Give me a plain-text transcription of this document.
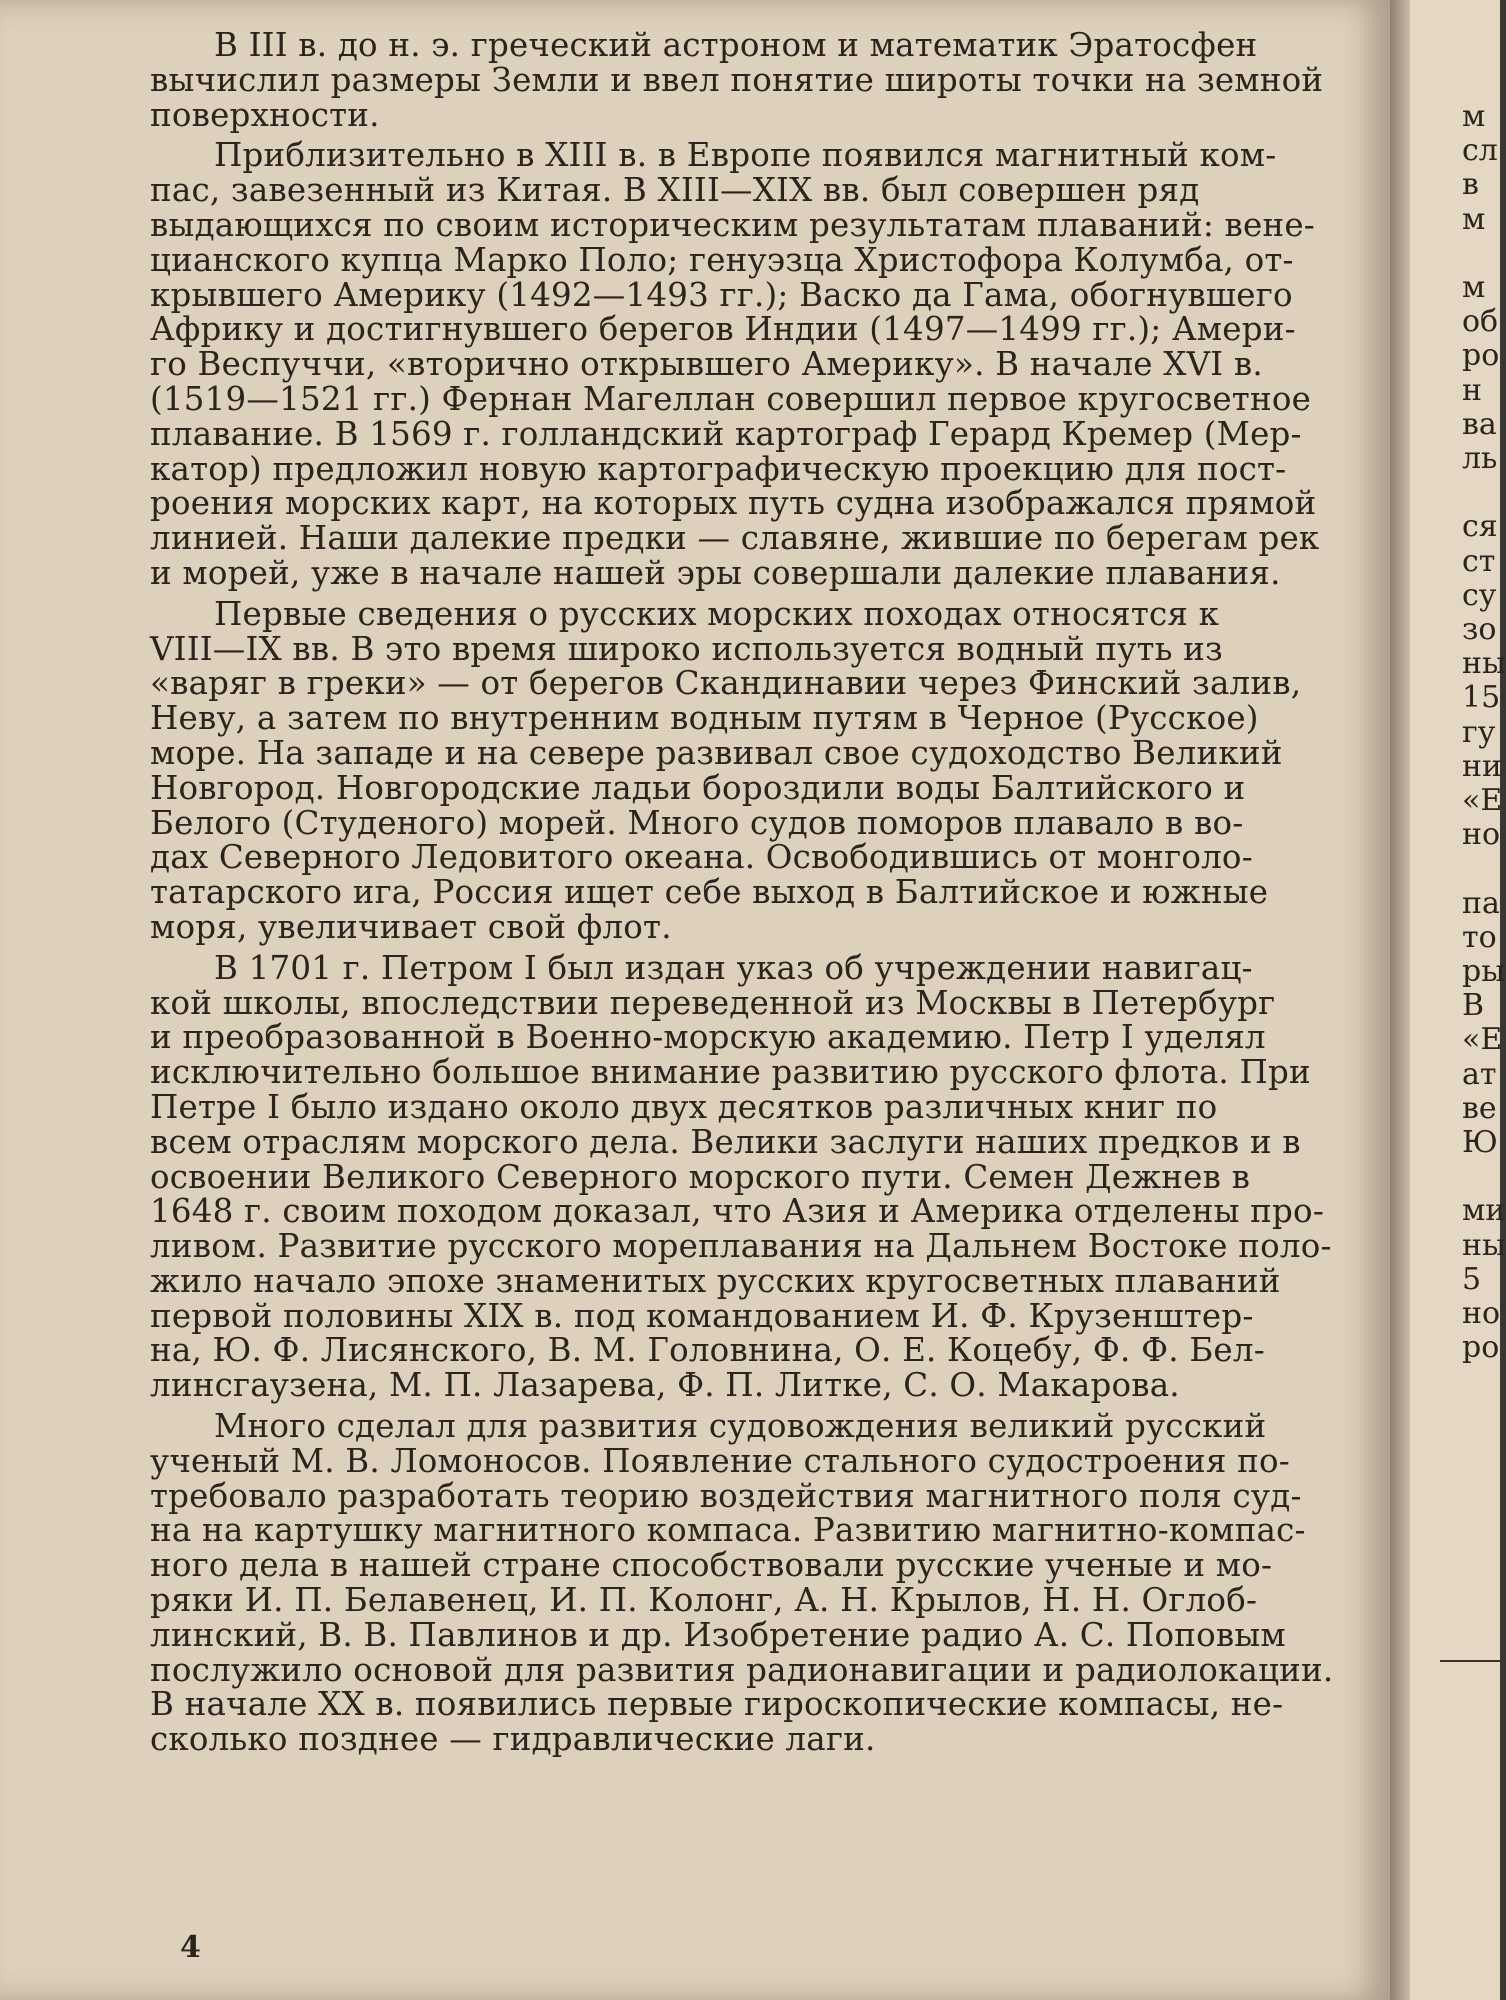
В III в. до н. э. греческий астроном и математик Эратосфен
вычислил размеры Земли и ввел понятие широты точки на земной
поверхности.

Приблизительно в XIII в. в Европе появился магнитный ком-
пас, завезенный из Китая. В XIII—XIX вв. был совершен ряд
выдающихся по своим историческим результатам плаваний: вене-
цианского купца Марко Поло; генуэзца Христофора Колумба, от-
крывшего Америку (1492—1493 гг.); Васко да Гама, обогнувшего
Африку и достигнувшего берегов Индии (1497—1499 гг.); Амери-
го Веспуччи, «вторично открывшего Америку». В начале XVI в.
(1519—1521 гг.) Фернан Магеллан совершил первое кругосветное
плавание. В 1569 г. голландский картограф Герард Кремер (Мер-
катор) предложил новую картографическую проекцию для пост-
роения морских карт, на которых путь судна изображался прямой
линией. Наши далекие предки — славяне, жившие по берегам рек
и морей, уже в начале нашей эры совершали далекие плавания.

Первые сведения о русских морских походах относятся к
VIII—IX вв. В это время широко используется водный путь из
«варяг в греки» — от берегов Скандинавии через Финский залив,
Неву, а затем по внутренним водным путям в Черное (Русское)
море. На западе и на севере развивал свое судоходство Великий
Новгород. Новгородские ладьи бороздили воды Балтийского и
Белого (Студеного) морей. Много судов поморов плавало в во-
дах Северного Ледовитого океана. Освободившись от монголо-
татарского ига, Россия ищет себе выход в Балтийское и южные
моря, увеличивает свой флот.

В 1701 г. Петром I был издан указ об учреждении навигац-
кой школы, впоследствии переведенной из Москвы в Петербург
и преобразованной в Военно-морскую академию. Петр I уделял
исключительно большое внимание развитию русского флота. При
Петре I было издано около двух десятков различных книг по
всем отраслям морского дела. Велики заслуги наших предков и в
освоении Великого Северного морского пути. Семен Дежнев в
1648 г. своим походом доказал, что Азия и Америка отделены про-
ливом. Развитие русского мореплавания на Дальнем Востоке поло-
жило начало эпохе знаменитых русских кругосветных плаваний
первой половины XIX в. под командованием И. Ф. Крузенштер-
на, Ю. Ф. Лисянского, В. М. Головнина, О. Е. Коцебу, Ф. Ф. Бел-
линсгаузена, М. П. Лазарева, Ф. П. Литке, С. О. Макарова.

Много сделал для развития судовождения великий русский
ученый М. В. Ломоносов. Появление стального судостроения по-
требовало разработать теорию воздействия магнитного поля суд-
на на картушку магнитного компаса. Развитию магнитно-компас-
ного дела в нашей стране способствовали русские ученые и мо-
ряки И. П. Белавенец, И. П. Колонг, А. Н. Крылов, Н. Н. Оглоб-
линский, В. В. Павлинов и др. Изобретение радио А. С. Поповым
послужило основой для развития радионавигации и радиолокации.
В начале XX в. появились первые гироскопические компасы, не-
сколько позднее — гидравлические лаги.

4
м
сл
в
м
м
об
ро
н
ва
ль
ся
ст
су
зо
ны
15
гу
ни
«Е
но
па
то
ры
В
«Е
ат
ве
Ю
ми
ны
5
но
ро
